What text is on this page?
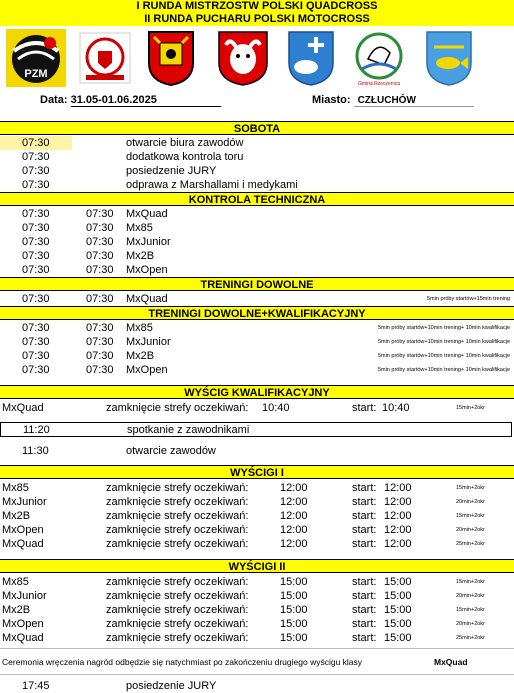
I RUNDA MISTRZOSTW POLSKI QUADCROSS
II RUNDA PUCHARU POLSKI MOTOCROSS
PZM
Gmina Rzeczenica
Data: 31.05-01.06.2025	Miasto: CZŁUCHÓW
SOBOTA
07:30	otwarcie biura zawodów
07:30	dodatkowa kontrola toru
07:30	posiedzenie JURY
07:30	odprawa z Marshallami i medykami
KONTROLA TECHNICZNA
07:30	07:30 MxQuad
07:30	07:30 Mx85
07:30	07:30 MxJunior
07:30	07:30 Mx2B
07:30	07:30 MxOpen
TRENINGI DOWOLNE
07:30	07:30 MxQuad	5min próby startów+15min trening
TRENINGI DOWOLNE+KWALIFIKACYJNY
07:30	07:30 Mx85	5min próby startów+10min trening+ 10min kwalifikacje
07:30	07:30 MxJunior	5min próby startów+10min trening+ 10min kwalifikacje
07:30	07:30 Mx2B	5min próby startów+10min trening+ 10min kwalifikacje
07:30	07:30 MxOpen	5min próby startów+10min trening+ 10min kwalifikacje
WYŚCIG KWALIFIKACYJNY
MxQuad	zamknięcie strefy oczekiwań: 10:40	start: 10:40	15min+2okr
11:20	spotkanie z zawodnikami
11:30	otwarcie zawodów
WYŚCIGI I
Mx85	zamknięcie strefy oczekiwań:	12:00	start: 12:00	15min+2okr
MxJunior	zamknięcie strefy oczekiwań:	12:00	start: 12:00	20min+2okr
Mx2B	zamknięcie strefy oczekiwań:	12:00	start: 12:00	15min+2okr
MxOpen	zamknięcie strefy oczekiwań:	12:00	start: 12:00	20min+2okr
MxQuad	zamknięcie strefy oczekiwań:	12:00	start: 12:00	25min+2okr
WYŚCIGI II
Mx85	zamknięcie strefy oczekiwań:	15:00	start: 15:00	15min+2okr
MxJunior	zamknięcie strefy oczekiwań:	15:00	start: 15:00	20min+2okr
Mx2B	zamknięcie strefy oczekiwań:	15:00	start: 15:00	15min+2okr
MxOpen	zamknięcie strefy oczekiwań:	15:00	start: 15:00	20min+2okr
MxQuad	zamknięcie strefy oczekiwań:	15:00	start: 15:00	25min+2okr
Ceremonia wręczenia nagród odbędzie się natychmiast po zakończeniu drugiego wyścigu klasy	MxQuad
17:45	posiedzenie JURY
